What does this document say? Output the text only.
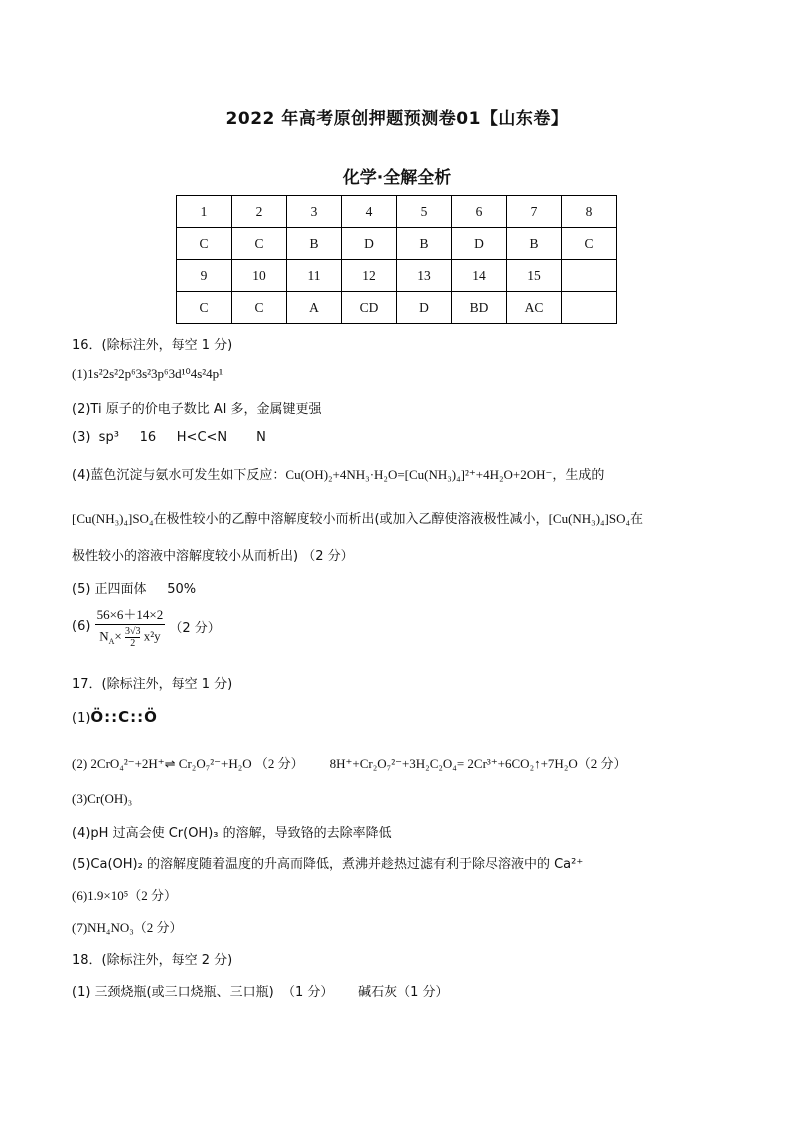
2022 年高考原创押题预测卷01【山东卷】
化学·全解全析
1	2	3	4	5	6	7	8
C	C	B	D	B	D	B	C
9	10	11	12	13	14	15	
C	C	A	CD	D	BD	AC	
16．(除标注外，每空 1 分)
(1)1s²2s²2p⁶3s²3p⁶3d¹⁰4s²4p¹
(2)Ti 原子的价电子数比 Al 多，金属键更强
(3)  sp³     16     H<C<N       N
(4)蓝色沉淀与氨水可发生如下反应：Cu(OH)₂+4NH₃·H₂O=[Cu(NH₃)₄]²⁺+4H₂O+2OH⁻，生成的
[Cu(NH₃)₄]SO₄在极性较小的乙醇中溶解度较小而析出(或加入乙醇使溶液极性减小，[Cu(NH₃)₄]SO₄在
极性较小的溶液中溶解度较小从而析出) （2 分）
(5) 正四面体     50%
$(6) \frac{56\times 6+14\times 2}{N_A\times \frac{3√3}{2} x^2y} (2$ 分）
17．(除标注外，每空 1 分)
(1)Ö::C::Ö
(2) 2CrO₄²⁻+2H⁺⇌ Cr₂O₇²⁻+H₂O （2 分） 8H⁺+Cr₂O₇²⁻+3H₂C₂O₄= 2Cr³⁺+6CO₂↑+7H₂O（2 分）
(3)Cr(OH)₃
(4)pH 过高会使 Cr(OH)₃ 的溶解，导致铬的去除率降低
(5)Ca(OH)₂ 的溶解度随着温度的升高而降低，煮沸并趁热过滤有利于除尽溶液中的 Ca²⁺
(6)1.9×10⁵（2 分）
(7)NH₄NO₃（2 分）
18．(除标注外，每空 2 分)
(1) 三颈烧瓶(或三口烧瓶、三口瓶)  （1 分）      碱石灰（1 分）
